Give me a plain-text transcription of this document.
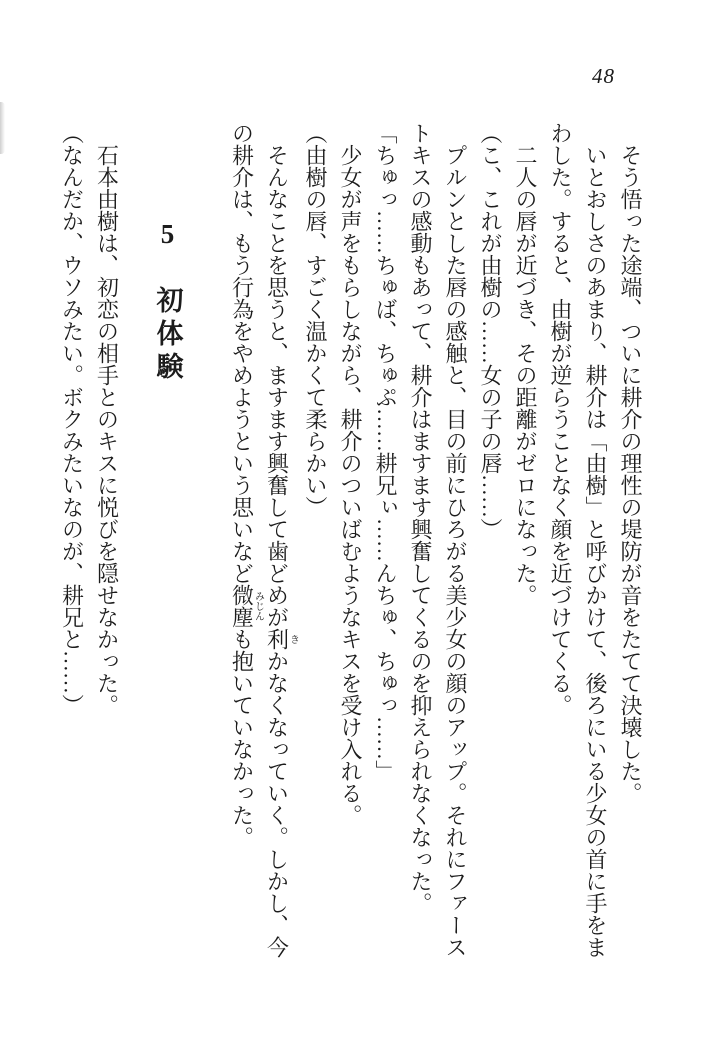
48

そう悟った途端、ついに耕介の理性の堤防が音をたてて決壊した。

いとおしさのあまり、耕介は「由樹」と呼びかけて、後ろにいる少女の首に手をまわした。すると、由樹が逆らうことなく顔を近づけてくる。

二人の唇が近づき、その距離がゼロになった。

（こ、これが由樹の……女の子の唇……）

プルンとした唇の感触と、目の前にひろがる美少女の顔のアップ。それにファーストキスの感動もあって、耕介はますます興奮してくるのを抑えられなくなった。

「ちゅっ……ちゅば、ちゅぷ……耕兄ぃ……んちゅ、ちゅっ……」

少女が声をもらしながら、耕介のついばむようなキスを受け入れる。

（由樹の唇、すごく温かくて柔らかい）

そんなことを思うと、ますます興奮して歯どめが利きかなくなっていく。しかし、今の耕介は、もう行為をやめようという思いなど微塵みじんも抱いていなかった。

5 初体験

石本由樹は、初恋の相手とのキスに悦びを隠せなかった。

（なんだか、ウソみたい。ボクみたいなのが、耕兄と……）
